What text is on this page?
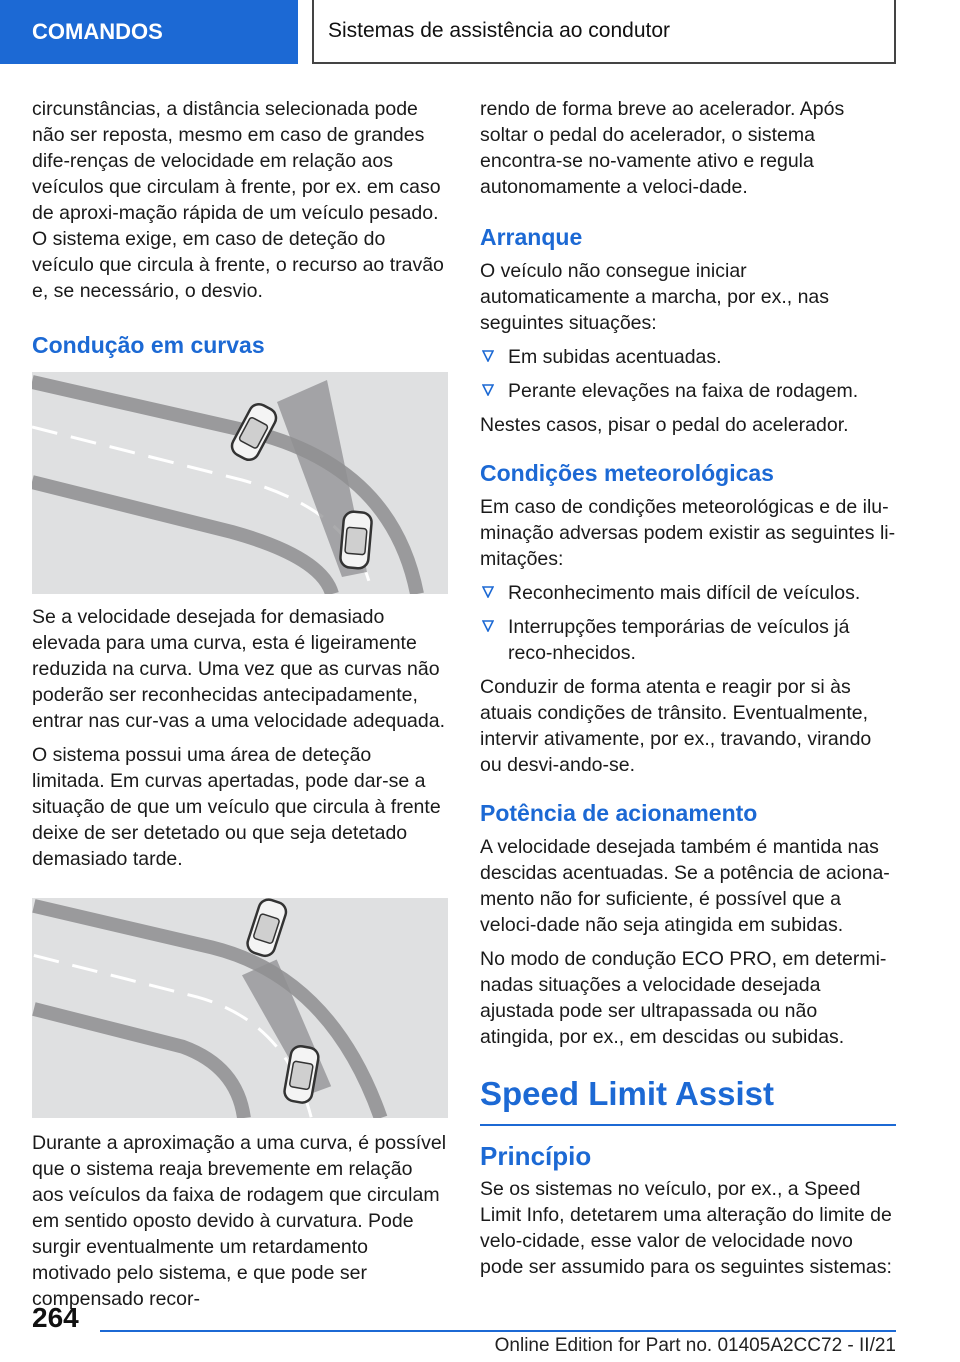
COMANDOS	Sistemas de assistência ao condutor

circunstâncias, a distância selecionada pode não ser reposta, mesmo em caso de grandes dife-renças de velocidade em relação aos veículos que circulam à frente, por ex. em caso de aproxi-mação rápida de um veículo pesado. O sistema exige, em caso de deteção do veículo que circula à frente, o recurso ao travão e, se necessário, o desvio.

Condução em curvas

Se a velocidade desejada for demasiado elevada para uma curva, esta é ligeiramente reduzida na curva. Uma vez que as curvas não poderão ser reconhecidas antecipadamente, entrar nas cur-vas a uma velocidade adequada.

O sistema possui uma área de deteção limitada. Em curvas apertadas, pode dar-se a situação de que um veículo que circula à frente deixe de ser detetado ou que seja detetado demasiado tarde.

Durante a aproximação a uma curva, é possível que o sistema reaja brevemente em relação aos veículos da faixa de rodagem que circulam em sentido oposto devido à curvatura. Pode surgir eventualmente um retardamento motivado pelo sistema, e que pode ser compensado recor-

rendo de forma breve ao acelerador. Após soltar o pedal do acelerador, o sistema encontra-se no-vamente ativo e regula autonomamente a veloci-dade.

Arranque

O veículo não consegue iniciar automaticamente a marcha, por ex., nas seguintes situações:

Em subidas acentuadas.
Perante elevações na faixa de rodagem.

Nestes casos, pisar o pedal do acelerador.

Condições meteorológicas

Em caso de condições meteorológicas e de ilu-minação adversas podem existir as seguintes li-mitações:

Reconhecimento mais difícil de veículos.
Interrupções temporárias de veículos já reco-nhecidos.

Conduzir de forma atenta e reagir por si às atuais condições de trânsito. Eventualmente, intervir ativamente, por ex., travando, virando ou desvi-ando-se.

Potência de acionamento

A velocidade desejada também é mantida nas descidas acentuadas. Se a potência de aciona-mento não for suficiente, é possível que a veloci-dade não seja atingida em subidas.

No modo de condução ECO PRO, em determi-nadas situações a velocidade desejada ajustada pode ser ultrapassada ou não atingida, por ex., em descidas ou subidas.

Speed Limit Assist
Princípio

Se os sistemas no veículo, por ex., a Speed Limit Info, detetarem uma alteração do limite de velo-cidade, esse valor de velocidade novo pode ser assumido para os seguintes sistemas:

264
Online Edition for Part no. 01405A2CC72 - II/21
